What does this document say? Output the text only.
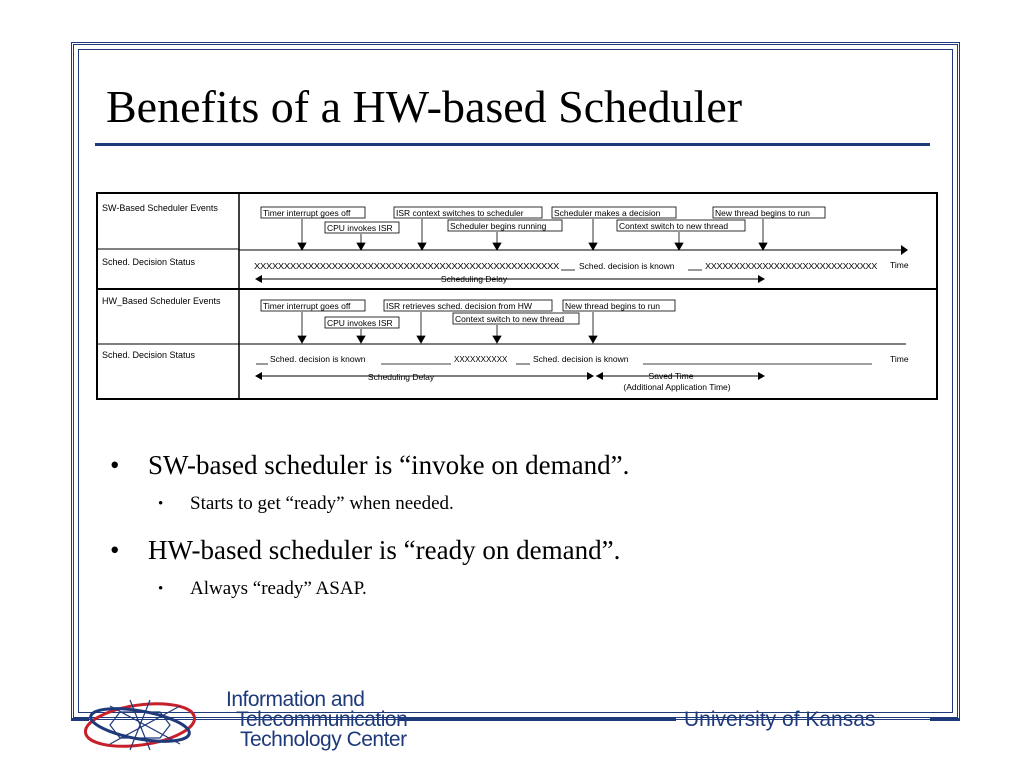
Benefits of a HW-based Scheduler
SW-Based Scheduler Events
Sched. Decision Status
Timer interrupt goes off
CPU invokes ISR
ISR context switches to scheduler
Scheduler begins running
Scheduler makes a decision
Context switch to new thread
New thread begins to run
XXXXXXXXXXXXXXXXXXXXXXXXXXXXXXXXXXXXXXXXXXXXXXXXXXX Sched. decision is known	XXXXXXXXXXXXXXXXXXXXXXXXXXXXXX Time
Scheduling Delay
HW_Based Scheduler Events
Sched. Decision Status
Timer interrupt goes off
CPU invokes ISR
ISR retrieves sched. decision from HW
Context switch to new thread
New thread begins to run
Sched. decision is known	XXXXXXXXXX	Sched. decision is known	Time
Scheduling Delay	Saved Time
(Additional Application Time)
• SW-based scheduler is “invoke on demand”.
• Starts to get “ready” when needed.
• HW-based scheduler is “ready on demand”.
• Always “ready” ASAP.
Information and
Telecommunication
Technology Center
University of Kansas
